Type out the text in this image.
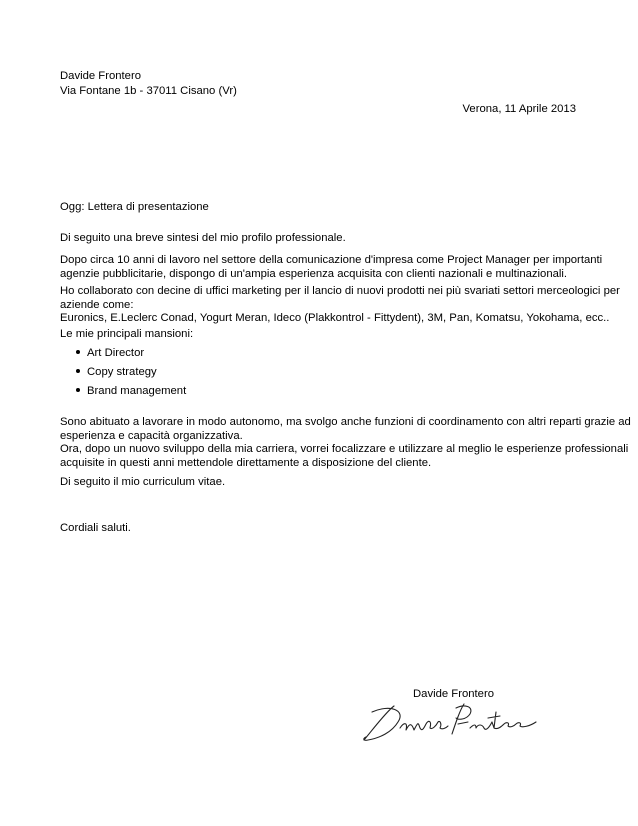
Davide Frontero
Via Fontane 1b - 37011 Cisano (Vr)
Verona, 11 Aprile 2013
Ogg: Lettera di presentazione
Di seguito una breve sintesi del mio profilo professionale.
Dopo circa 10 anni di lavoro nel settore della comunicazione d'impresa come Project Manager per importanti
agenzie pubblicitarie, dispongo di un'ampia esperienza acquisita con clienti nazionali e multinazionali.
Ho collaborato con decine di uffici marketing per il lancio di nuovi prodotti nei più svariati settori merceologici per
aziende come:
Euronics, E.Leclerc Conad, Yogurt Meran, Ideco (Plakkontrol - Fittydent), 3M, Pan, Komatsu, Yokohama, ecc..
Le mie principali mansioni:
Art Director
Copy strategy
Brand management
Sono abituato a lavorare in modo autonomo, ma svolgo anche funzioni di coordinamento con altri reparti grazie ad
esperienza e capacità organizzativa.
Ora, dopo un nuovo sviluppo della mia carriera, vorrei focalizzare e utilizzare al meglio le esperienze professionali
acquisite in questi anni mettendole direttamente a disposizione del cliente.
Di seguito il mio curriculum vitae.
Cordiali saluti.
Davide Frontero
